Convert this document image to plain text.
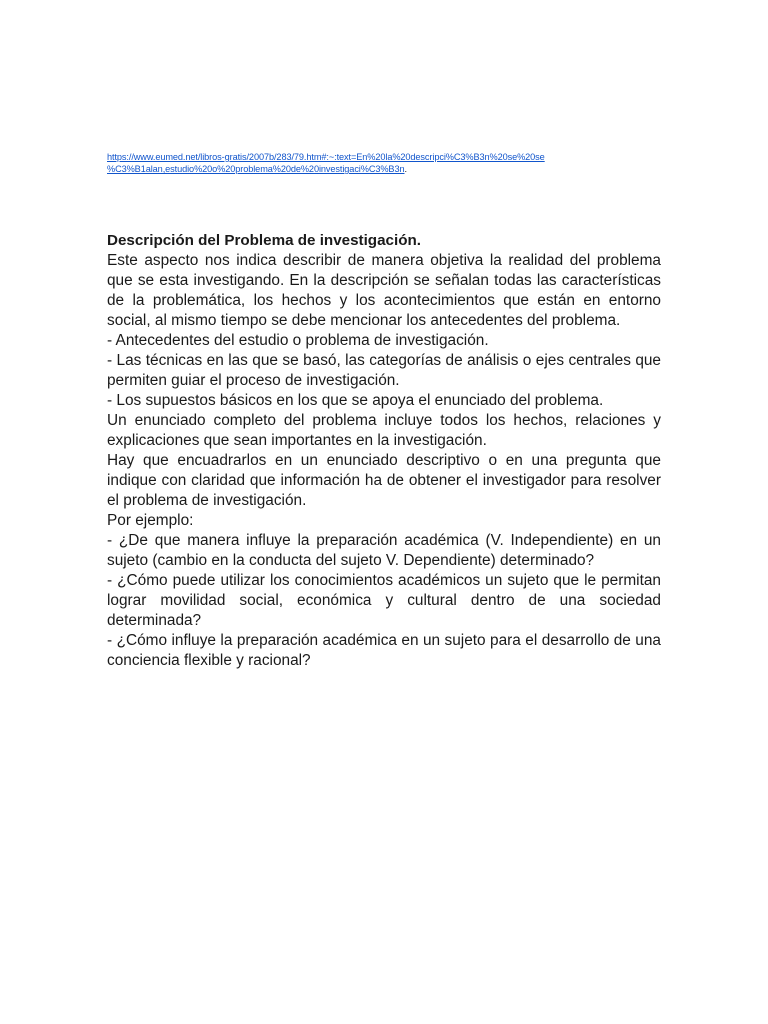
https://www.eumed.net/libros-gratis/2007b/283/79.htm#:~:text=En%20la%20descripci%C3%B3n%20se%20se
%C3%B1alan,estudio%20o%20problema%20de%20investigaci%C3%B3n.
Descripción del Problema de investigación.

Este aspecto nos indica describir de manera objetiva la realidad del problema que se esta investigando. En la descripción se señalan todas las características de la problemática, los hechos y los acontecimientos que están en entorno social, al mismo tiempo se debe mencionar los antecedentes del problema.

- Antecedentes del estudio o problema de investigación.

- Las técnicas en las que se basó, las categorías de análisis o ejes centrales que permiten guiar el proceso de investigación.

- Los supuestos básicos en los que se apoya el enunciado del problema.

Un enunciado completo del problema incluye todos los hechos, relaciones y explicaciones que sean importantes en la investigación.

Hay que encuadrarlos en un enunciado descriptivo o en una pregunta que indique con claridad que información ha de obtener el investigador para resolver el problema de investigación.

Por ejemplo:

- ¿De que manera influye la preparación académica (V. Independiente) en un sujeto (cambio en la conducta del sujeto V. Dependiente) determinado?

- ¿Cómo puede utilizar los conocimientos académicos un sujeto que le permitan lograr movilidad social, económica y cultural dentro de una sociedad determinada?

- ¿Cómo influye la preparación académica en un sujeto para el desarrollo de una conciencia flexible y racional?
